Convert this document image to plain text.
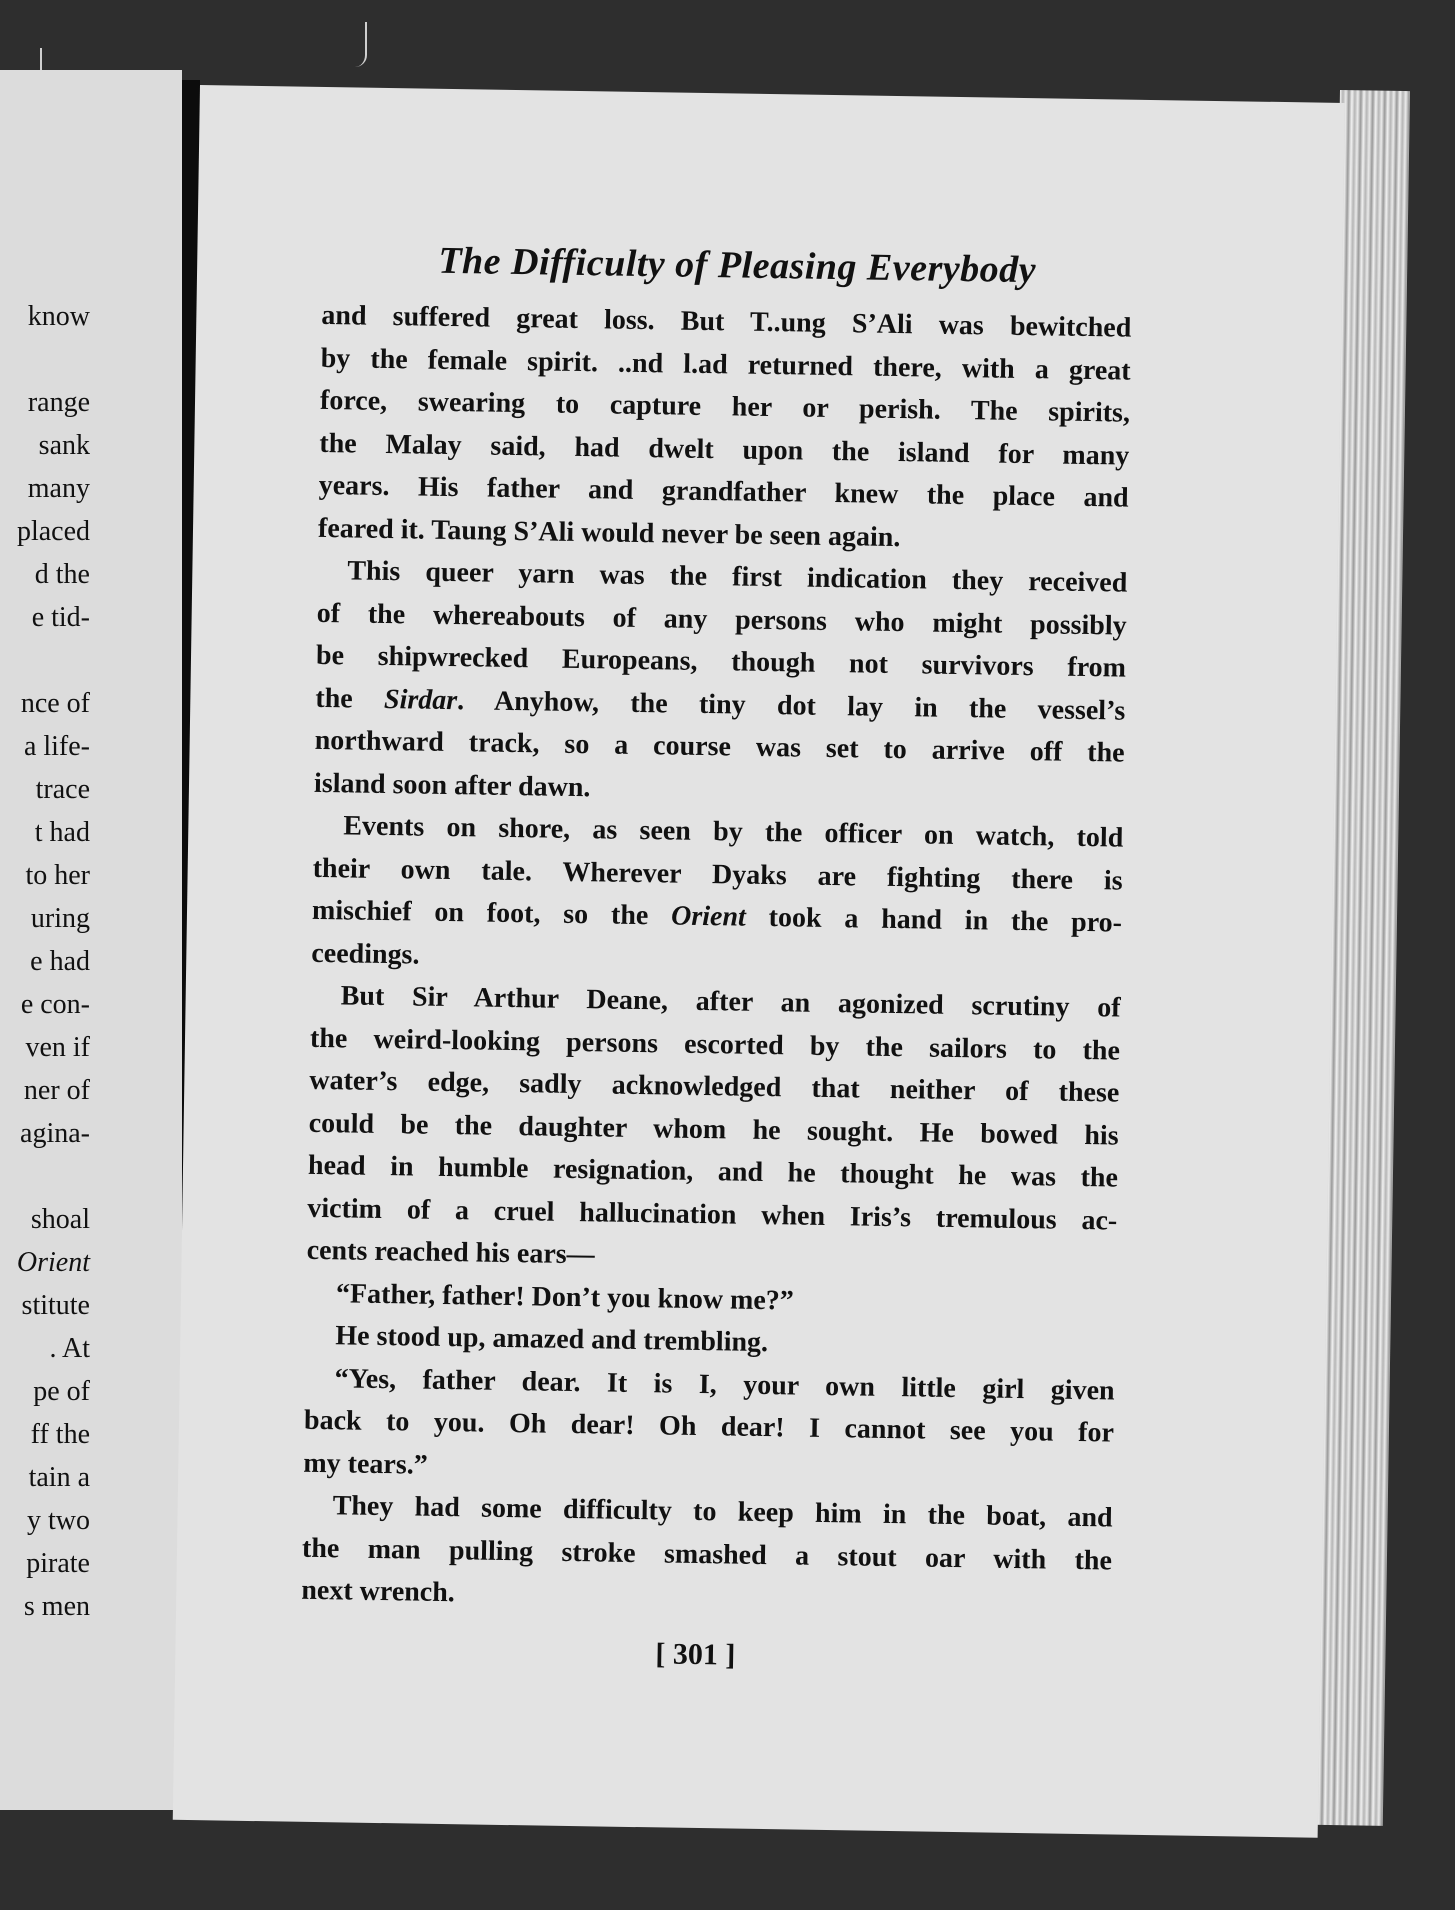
know
range
sank
many
placed
d the
e tid-
nce of
a life-
trace
t had
to her
uring
e had
e con-
ven if
ner of
agina-
shoal
Orient
stitute
. At
pe of
ff the
tain a
y two
pirate
s men
The Difficulty of Pleasing Everybody
and suffered great loss. But T..ung S’Ali was bewitched
by the female spirit. ..nd l.ad returned there, with a great
force, swearing to capture her or perish. The spirits,
the Malay said, had dwelt upon the island for many
years. His father and grandfather knew the place and
feared it. Taung S’Ali would never be seen again.
This queer yarn was the first indication they received
of the whereabouts of any persons who might possibly
be shipwrecked Europeans, though not survivors from
the Sirdar. Anyhow, the tiny dot lay in the vessel’s
northward track, so a course was set to arrive off the
island soon after dawn.
Events on shore, as seen by the officer on watch, told
their own tale. Wherever Dyaks are fighting there is
mischief on foot, so the Orient took a hand in the pro-
ceedings.
But Sir Arthur Deane, after an agonized scrutiny of
the weird-looking persons escorted by the sailors to the
water’s edge, sadly acknowledged that neither of these
could be the daughter whom he sought. He bowed his
head in humble resignation, and he thought he was the
victim of a cruel hallucination when Iris’s tremulous ac-
cents reached his ears—
“Father, father! Don’t you know me?”
He stood up, amazed and trembling.
“Yes, father dear. It is I, your own little girl given
back to you. Oh dear! Oh dear! I cannot see you for
my tears.”
They had some difficulty to keep him in the boat, and
the man pulling stroke smashed a stout oar with the
next wrench.
[ 301 ]
